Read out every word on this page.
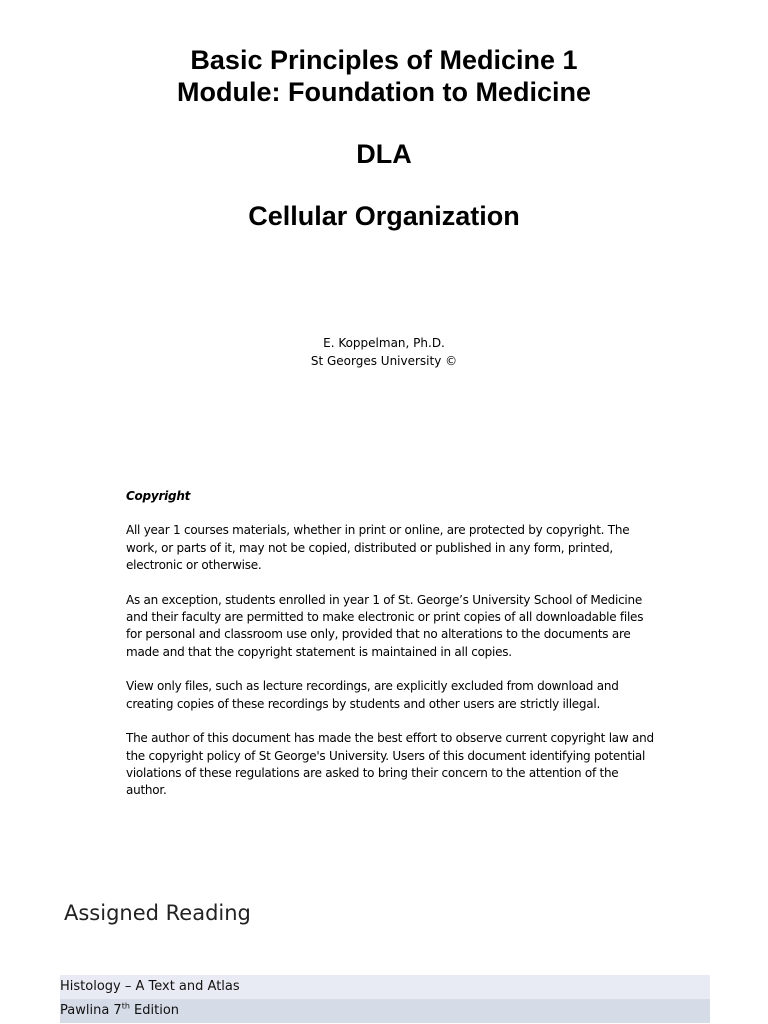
Basic Principles of Medicine 1
Module: Foundation to Medicine
DLA
Cellular Organization
E. Koppelman, Ph.D.
St Georges University ©
Copyright

All year 1 courses materials, whether in print or online, are protected by copyright. The work, or parts of it, may not be copied, distributed or published in any form, printed, electronic or otherwise.

As an exception, students enrolled in year 1 of St. George’s University School of Medicine and their faculty are permitted to make electronic or print copies of all downloadable files for personal and classroom use only, provided that no alterations to the documents are made and that the copyright statement is maintained in all copies.

View only files, such as lecture recordings, are explicitly excluded from download and creating copies of these recordings by students and other users are strictly illegal.

The author of this document has made the best effort to observe current copyright law and the copyright policy of St George's University. Users of this document identifying potential violations of these regulations are asked to bring their concern to the attention of the author.

Assigned Reading
Histology – A Text and Atlas
Pawlina 7th Edition
